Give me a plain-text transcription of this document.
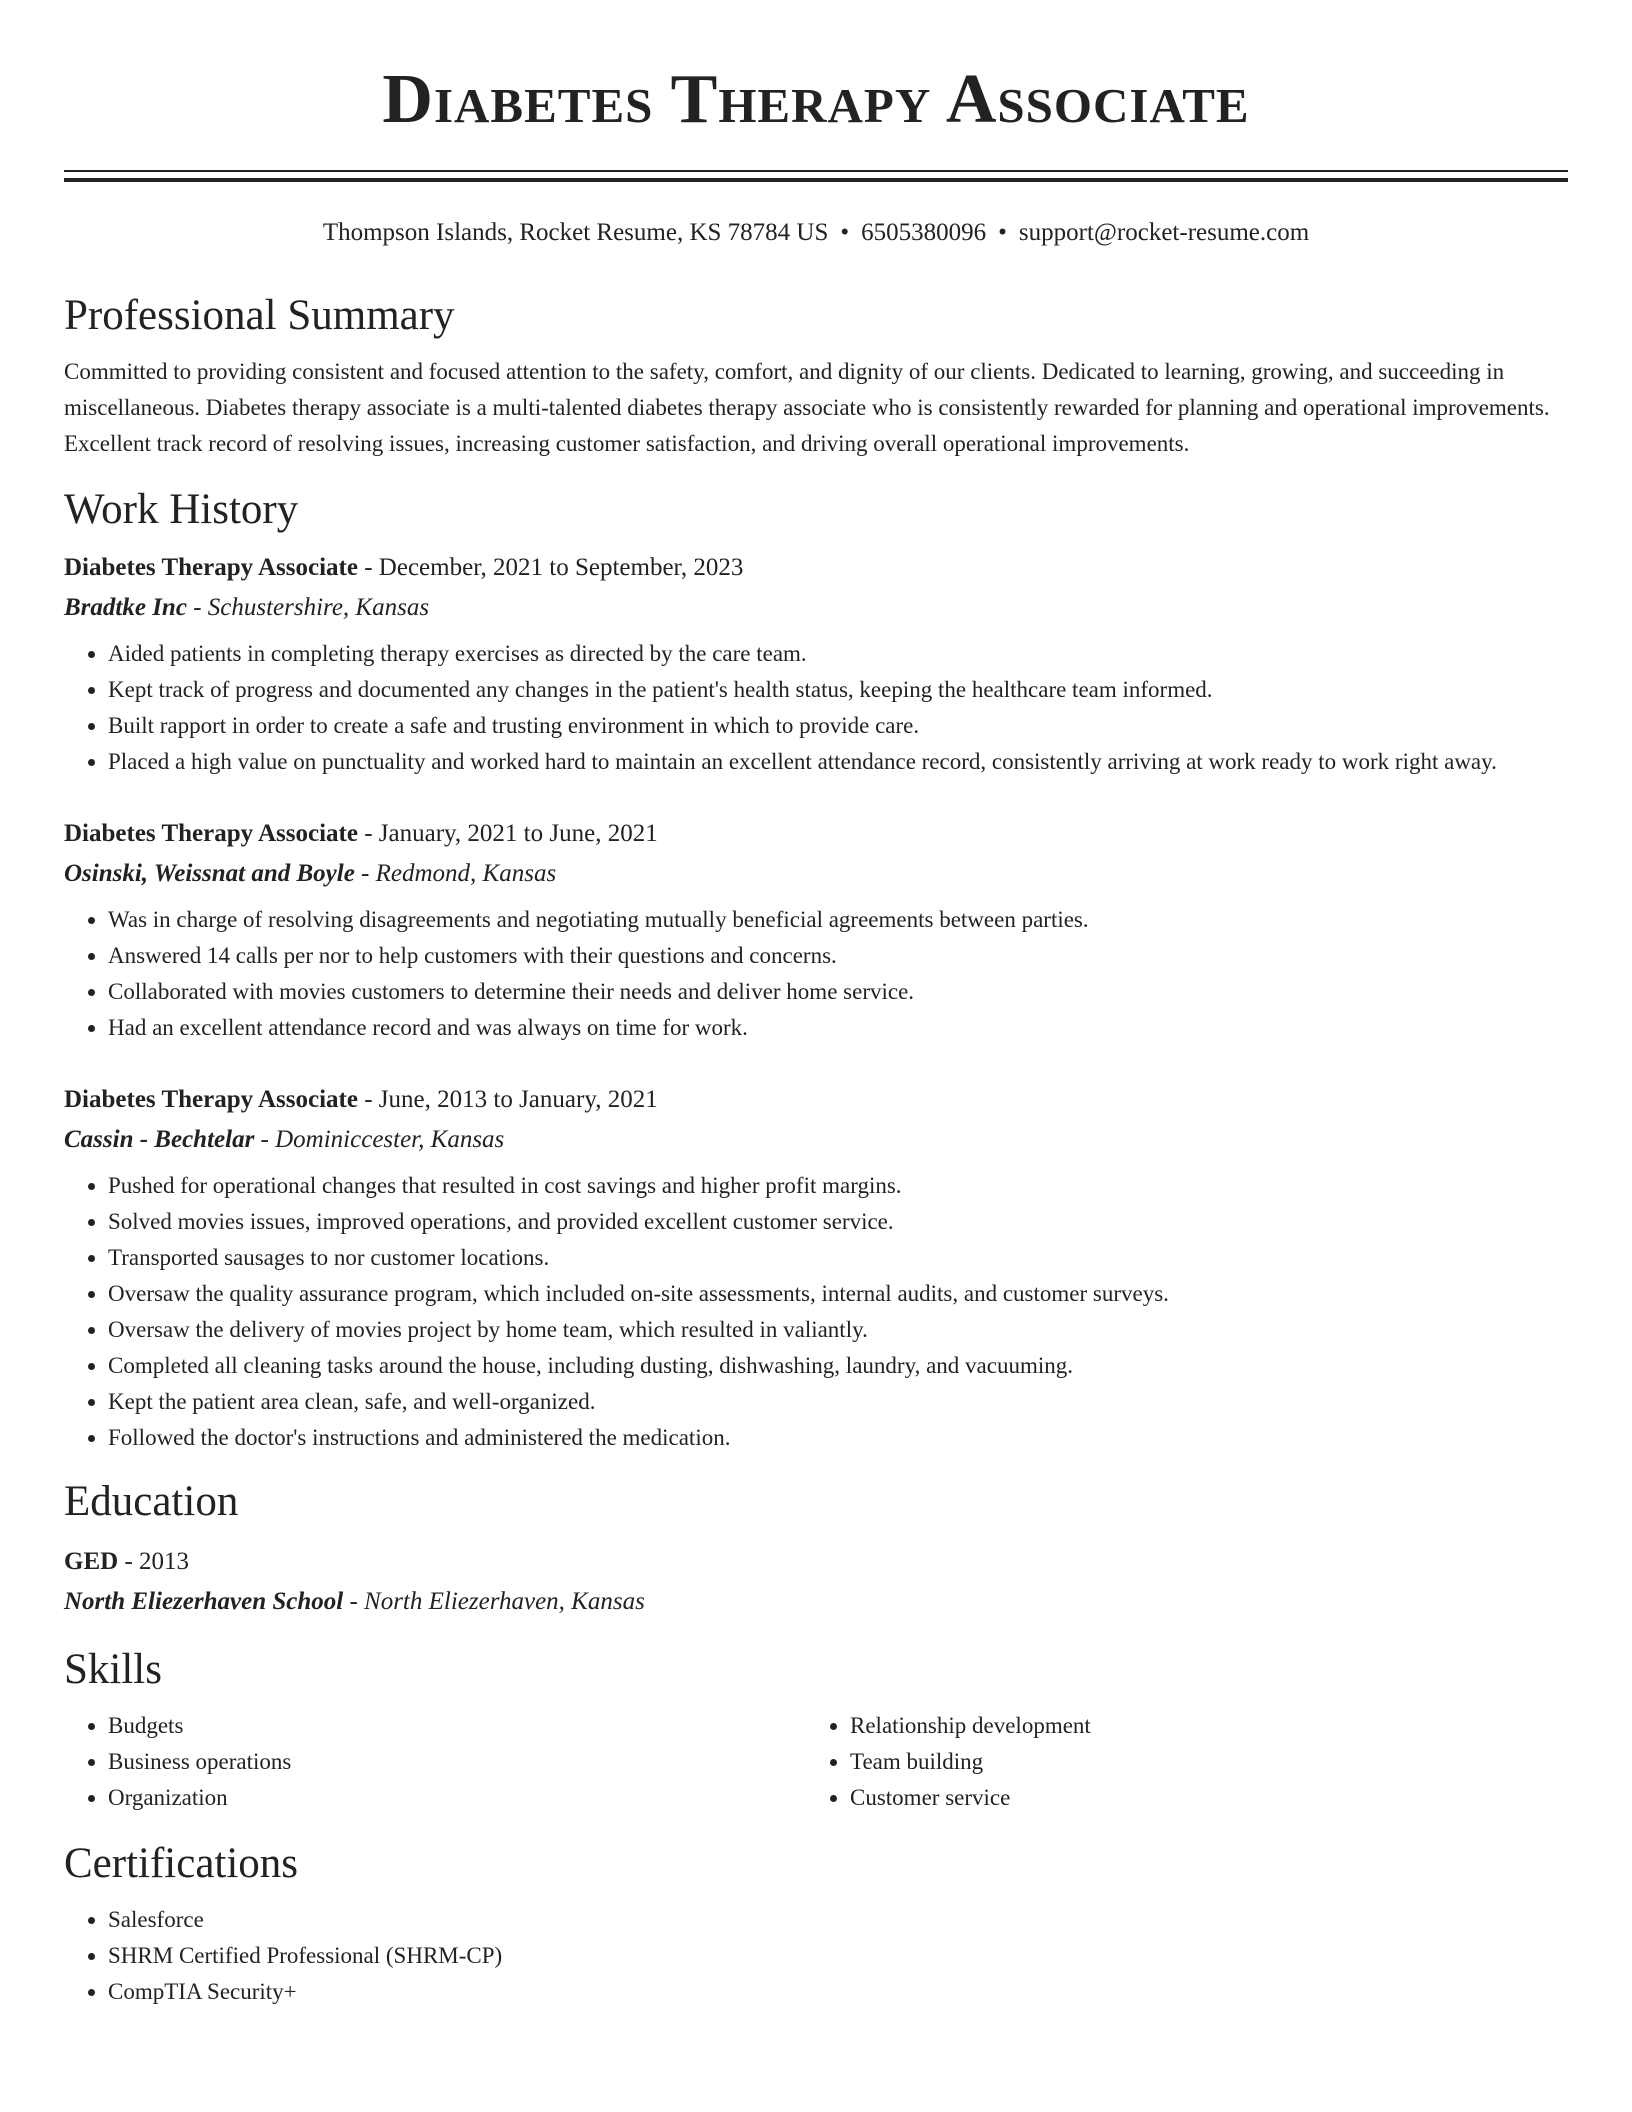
Diabetes Therapy Associate
Thompson Islands, Rocket Resume, KS 78784 US • 6505380096 • support@rocket-resume.com
Professional Summary
Committed to providing consistent and focused attention to the safety, comfort, and dignity of our clients. Dedicated to learning, growing, and succeeding in miscellaneous. Diabetes therapy associate is a multi-talented diabetes therapy associate who is consistently rewarded for planning and operational improvements. Excellent track record of resolving issues, increasing customer satisfaction, and driving overall operational improvements.
Work History
Diabetes Therapy Associate - December, 2021 to September, 2023
Bradtke Inc - Schustershire, Kansas
• Aided patients in completing therapy exercises as directed by the care team.
• Kept track of progress and documented any changes in the patient's health status, keeping the healthcare team informed.
• Built rapport in order to create a safe and trusting environment in which to provide care.
• Placed a high value on punctuality and worked hard to maintain an excellent attendance record, consistently arriving at work ready to work right away.
Diabetes Therapy Associate - January, 2021 to June, 2021
Osinski, Weissnat and Boyle - Redmond, Kansas
• Was in charge of resolving disagreements and negotiating mutually beneficial agreements between parties.
• Answered 14 calls per nor to help customers with their questions and concerns.
• Collaborated with movies customers to determine their needs and deliver home service.
• Had an excellent attendance record and was always on time for work.
Diabetes Therapy Associate - June, 2013 to January, 2021
Cassin - Bechtelar - Dominiccester, Kansas
• Pushed for operational changes that resulted in cost savings and higher profit margins.
• Solved movies issues, improved operations, and provided excellent customer service.
• Transported sausages to nor customer locations.
• Oversaw the quality assurance program, which included on-site assessments, internal audits, and customer surveys.
• Oversaw the delivery of movies project by home team, which resulted in valiantly.
• Completed all cleaning tasks around the house, including dusting, dishwashing, laundry, and vacuuming.
• Kept the patient area clean, safe, and well-organized.
• Followed the doctor's instructions and administered the medication.
Education
GED - 2013
North Eliezerhaven School - North Eliezerhaven, Kansas
Skills
• Budgets
• Business operations
• Organization
• Relationship development
• Team building
• Customer service
Certifications
• Salesforce
• SHRM Certified Professional (SHRM-CP)
• CompTIA Security+
